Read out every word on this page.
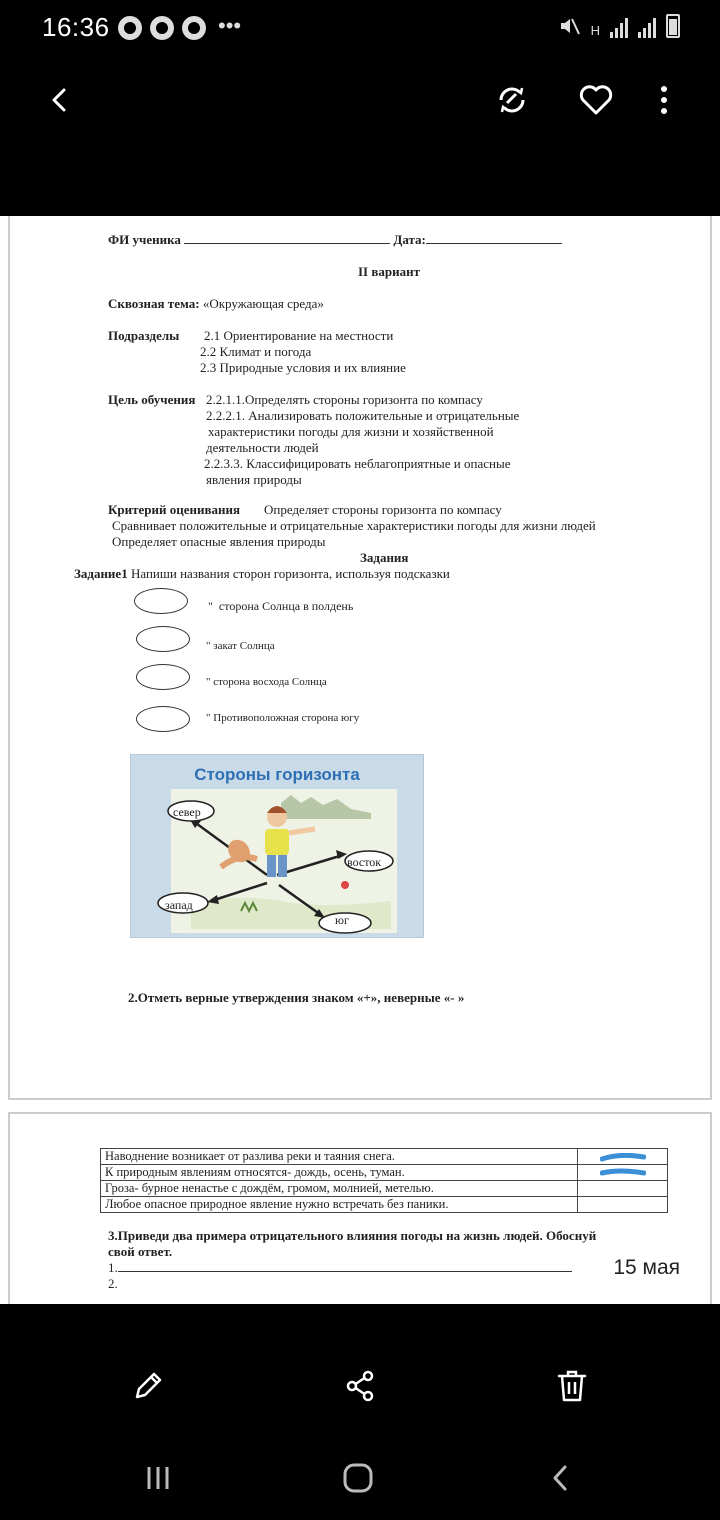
16:36	•••	H
ФИ ученика	Дата:
II вариант
Сквозная тема: «Окружающая среда»
Подразделы 2.1 Ориентирование на местности
2.2 Климат и погода
2.3 Природные условия и их влияние
Цель обучения 2.2.1.1.Определять стороны горизонта по компасу
2.2.2.1. Анализировать положительные и отрицательные
характеристики погоды для жизни и хозяйственной
деятельности людей
2.2.3.3. Классифицировать неблагоприятные и опасные
явления природы
Критерий оценивания Определяет стороны горизонта по компасу
Сравнивает положительные и отрицательные характеристики погоды для жизни людей
Определяет опасные явления природы
Задания
Задание1 Напиши названия сторон горизонта, используя подсказки
"  сторона Солнца в полдень
" закат Солнца
" сторона восхода Солнца
" Противоположная сторона югу
Стороны горизонта
север
восток
запад
юг
2.Отметь верные утверждения знаком «+», неверные «- »
Наводнение возникает от разлива реки и таяния снега.	

К природным явлениям относятся- дождь, осень, туман.	

Гроза- бурное ненастье с дождём, громом, молнией, метелью.	
Любое опасное природное явление нужно встречать без паники.	
3.Приведи два примера отрицательного влияния погоды на жизнь людей. Обоснуй
свой ответ.
1.
2.
15 мая
